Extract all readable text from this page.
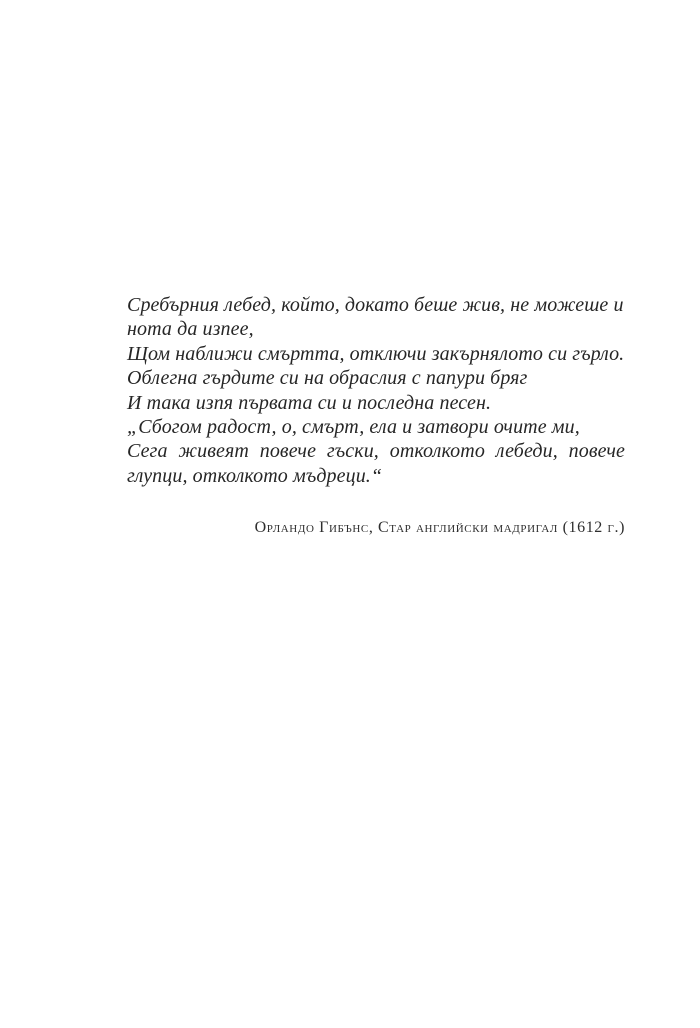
Сребърния лебед, който, докато беше жив, не можеше и
нота да изпее,
Щом наближи смъртта, отключи закърнялото си гърло.
Облегна гърдите си на обраслия с папури бряг
И така изпя първата си и последна песен.
„Сбогом радост, о, смърт, ела и затвори очите ми,
Сега живеят повече гъски, отколкото лебеди, повече
глупци, отколкото мъдреци.“
Орландо Гибънс, Стар английски мадригал (1612 г.)
